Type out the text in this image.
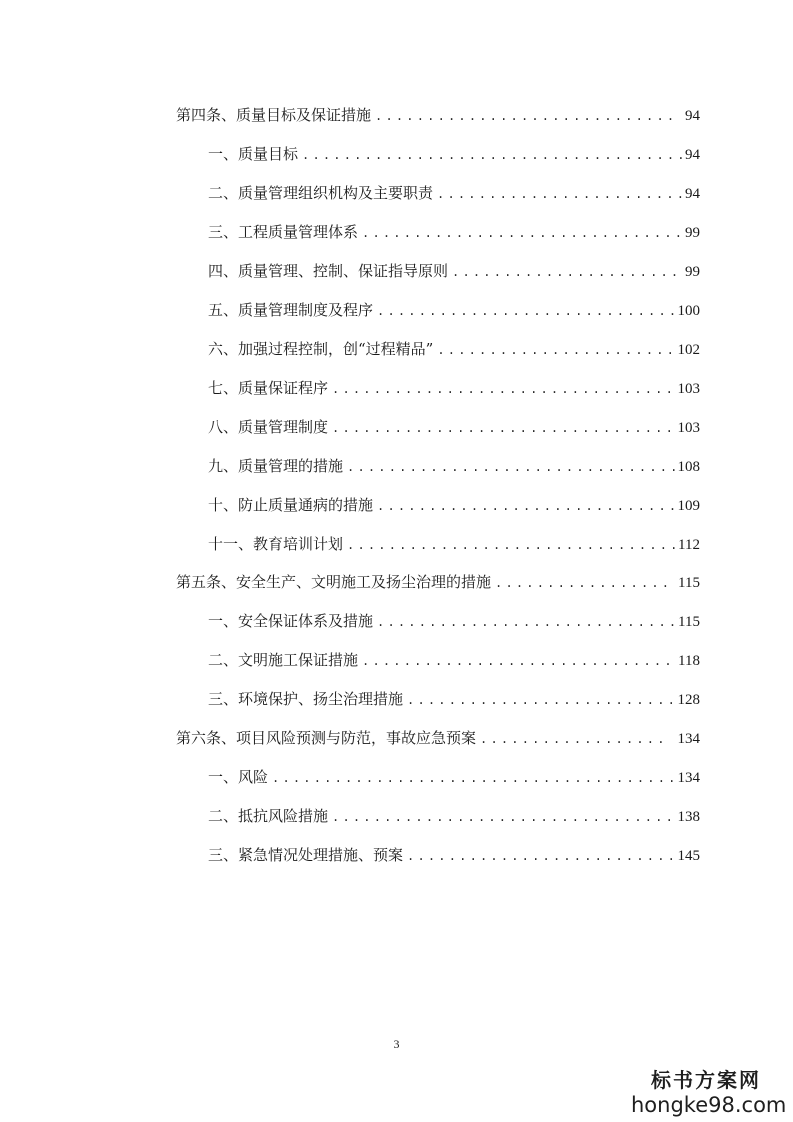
第四条、质量目标及保证措施 .....	94
一、质量目标 .....	94
二、质量管理组织机构及主要职责 .....	94
三、工程质量管理体系 .....	99
四、质量管理、控制、保证指导原则 .....	99
五、质量管理制度及程序 .....	100
六、加强过程控制，创“过程精品” .....	102
七、质量保证程序 .....	103
八、质量管理制度 .....	103
九、质量管理的措施 .....	108
十、防止质量通病的措施 .....	109
十一、教育培训计划 .....	112
第五条、安全生产、文明施工及扬尘治理的措施 .....	115
一、安全保证体系及措施 .....	115
二、文明施工保证措施 .....	118
三、环境保护、扬尘治理措施 .....	128
第六条、项目风险预测与防范，事故应急预案 .....	134
一、风险 .....	134
二、抵抗风险措施 .....	138
三、紧急情况处理措施、预案 .....	145
3
标书方案网
hongke98.com
